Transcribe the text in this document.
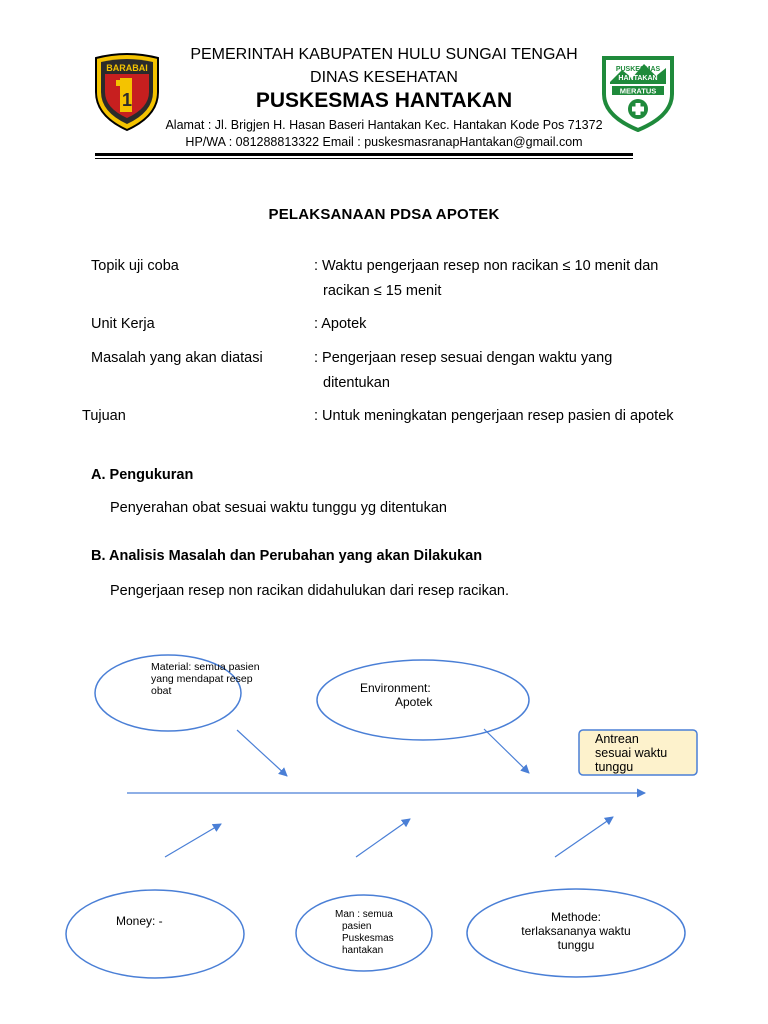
BARABAI
1
PUSKESMAS
HANTAKAN
MERATUS
PEMERINTAH KABUPATEN HULU SUNGAI TENGAH
DINAS KESEHATAN
PUSKESMAS HANTAKAN
Alamat : Jl. Brigjen H. Hasan Baseri Hantakan Kec. Hantakan Kode Pos 71372
HP/WA : 081288813322 Email : puskesmasranapHantakan@gmail.com
PELAKSANAAN PDSA APOTEK
Topik uji coba	: Waktu pengerjaan resep non racikan ≤ 10 menit dan
racikan ≤ 15 menit
Unit Kerja	: Apotek
Masalah yang akan diatasi	: Pengerjaan resep sesuai dengan waktu yang
ditentukan
Tujuan	: Untuk meningkatan pengerjaan resep pasien di apotek
A. Pengukuran
Penyerahan obat sesuai waktu tunggu yg ditentukan
B. Analisis Masalah dan Perubahan yang akan Dilakukan
Pengerjaan resep non racikan didahulukan dari resep racikan.
Material: semua pasien
yang mendapat resep
obat	Environment:
Apotek
Antrean
sesuai waktu
tunggu
Money: -	Man : semua
pasien
Puskesmas
hantakan
Methode:
terlaksananya waktu
tunggu
